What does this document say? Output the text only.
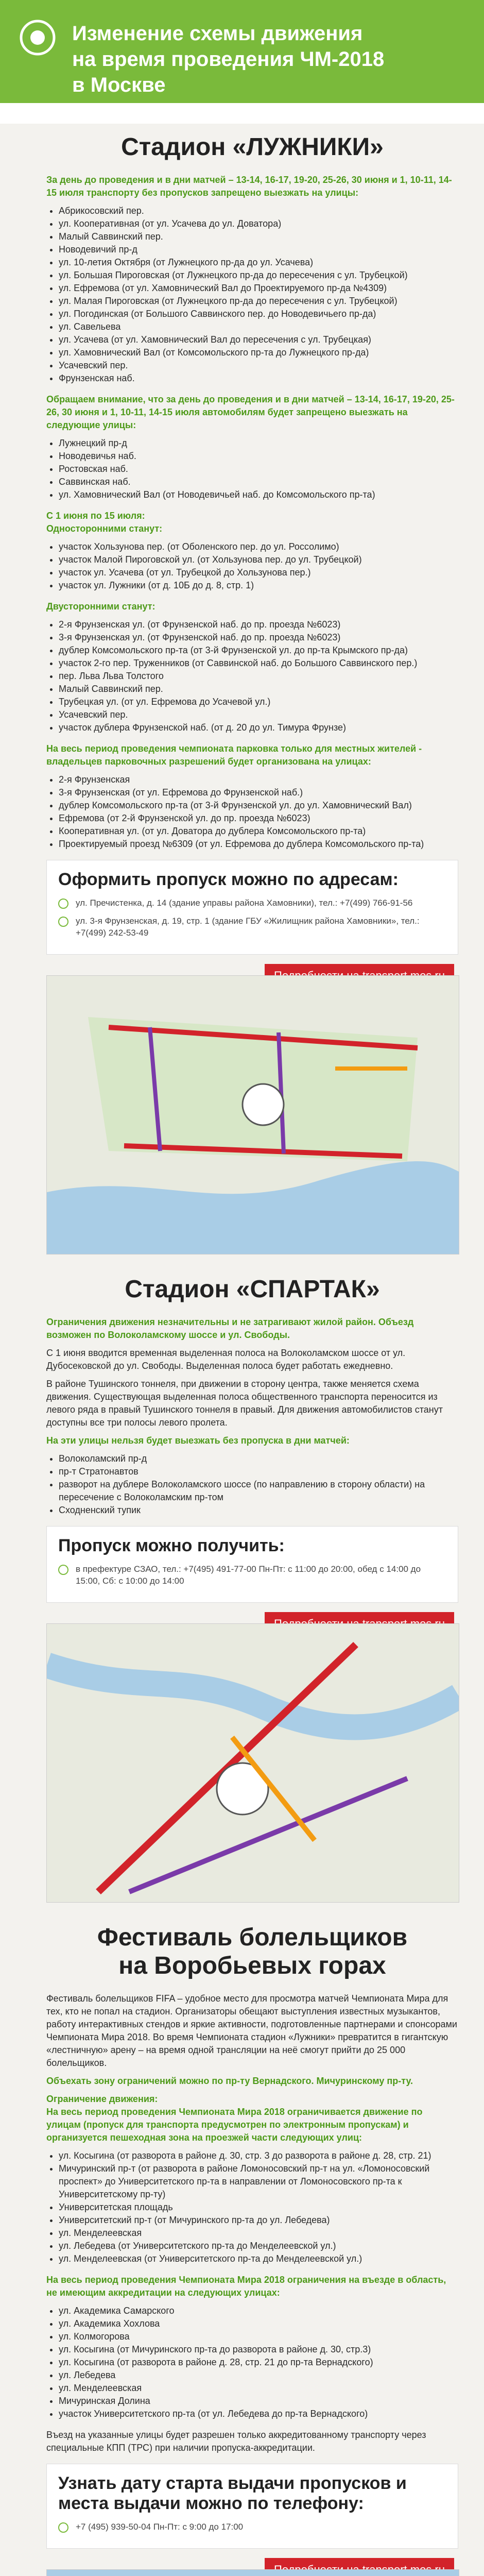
Изменение схемы движения
на время проведения ЧМ-2018
в Москве
Стадион «ЛУЖНИКИ»

За день до проведения и в дни матчей – 13-14, 16-17, 19-20, 25-26, 30 июня и 1, 10-11, 14-15 июля транспорту без пропусков запрещено выезжать на улицы:

• Абрикосовский пер.
• ул. Кооперативная (от ул. Усачева до ул. Доватора)
• Малый Саввинский пер.
• Новодевичий пр-д
• ул. 10-летия Октября (от Лужнецкого пр-да до ул. Усачева)
• ул. Большая Пироговская (от Лужнецкого пр-да до пересечения с ул. Трубецкой)
• ул. Ефремова (от ул. Хамовнический Вал до Проектируемого пр-да №4309)
• ул. Малая Пироговская (от Лужнецкого пр-да до пересечения с ул. Трубецкой)
• ул. Погодинская (от Большого Саввинского пер. до Новодевичьего пр-да)
• ул. Савельева
• ул. Усачева (от ул. Хамовнический Вал до пересечения с ул. Трубецкая)
• ул. Хамовнический Вал (от Комсомольского пр-та до Лужнецкого пр-да)
• Усачевский пер.
• Фрунзенская наб.

Обращаем внимание, что за день до проведения и в дни матчей – 13-14, 16-17, 19-20, 25-26, 30 июня и 1, 10-11, 14-15 июля автомобилям будет запрещено выезжать на следующие улицы:

• Лужнецкий пр-д
• Новодевичья наб.
• Ростовская наб.
• Саввинская наб.
• ул. Хамовнический Вал (от Новодевичьей наб. до Комсомольского пр-та)

С 1 июня по 15 июля:
Односторонними станут:

• участок Хользунова пер. (от Оболенского пер. до ул. Россолимо)
• участок Малой Пироговской ул. (от Хользунова пер. до ул. Трубецкой)
• участок ул. Усачева (от ул. Трубецкой до Хользунова пер.)
• участок ул. Лужники (от д. 10Б до д. 8, стр. 1)

Двусторонними станут:

• 2-я Фрунзенская ул. (от Фрунзенской наб. до пр. проезда №6023)
• 3-я Фрунзенская ул. (от Фрунзенской наб. до пр. проезда №6023)
• дублер Комсомольского пр-та (от 3-й Фрунзенской ул. до пр-та Крымского пр-да)
• участок 2-го пер. Труженников (от Саввинской наб. до Большого Саввинского пер.)
• пер. Льва Льва Толстого
• Малый Саввинский пер.
• Трубецкая ул. (от ул. Ефремова до Усачевой ул.)
• Усачевский пер.
• участок дублера Фрунзенской наб. (от д. 20 до ул. Тимура Фрунзе)

На весь период проведения чемпионата парковка только для местных жителей - владельцев парковочных разрешений будет организована на улицах:

• 2-я Фрунзенская
• 3-я Фрунзенская (от ул. Ефремова до Фрунзенской наб.)
• дублер Комсомольского пр-та (от 3-й Фрунзенской ул. до ул. Хамовнический Вал)
• Ефремова (от 2-й Фрунзенской ул. до пр. проезда №6023)
• Кооперативная ул. (от ул. Доватора до дублера Комсомольского пр-та)
• Проектируемый проезд №6309 (от ул. Ефремова до дублера Комсомольского пр-та)
Оформить пропуск можно по адресам:
ул. Пречистенка, д. 14 (здание управы района Хамовники), тел.: +7(499) 766-91-56
ул. 3-я Фрунзенская, д. 19, стр. 1 (здание ГБУ «Жилищник района Хамовники», тел.: +7(499) 242-53-49
Стадион «СПАРТАК»

Ограничения движения незначительны и не затрагивают жилой район. Объезд возможен по Волоколамскому шоссе и ул. Свободы.

С 1 июня вводится временная выделенная полоса на Волоколамском шоссе от ул. Дубосековской до ул. Свободы. Выделенная полоса будет работать ежедневно.

В районе Тушинского тоннеля, при движении в сторону центра, также меняется схема движения. Существующая выделенная полоса общественного транспорта переносится из левого ряда в правый Тушинского тоннеля в правый. Для движения автомобилистов станут доступны все три полосы левого пролета.

На эти улицы нельзя будет выезжать без пропуска в дни матчей:

• Волоколамский пр-д
• пр-т Стратонавтов
• разворот на дублере Волоколамского шоссе (по направлению в сторону области) на пересечение с Волоколамским пр-том
• Сходненский тупик
Пропуск можно получить:
в префектуре СЗАО, тел.: +7(495) 491-77-00 Пн-Пт: с 11:00 до 20:00, обед с 14:00 до 15:00, Сб: с 10:00 до 14:00
Фестиваль болельщиков
на Воробьевых горах

Фестиваль болельщиков FIFA – удобное место для просмотра матчей Чемпионата Мира для тех, кто не попал на стадион. Организаторы обещают выступления известных музыкантов, работу интерактивных стендов и яркие активности, подготовленные партнерами и спонсорами Чемпионата Мира 2018. Во время Чемпионата стадион «Лужники» превратится в гигантскую «лестничную» арену – на время одной трансляции на неё смогут прийти до 25 000 болельщиков.

Объехать зону ограничений можно по пр-ту Вернадского. Мичуринскому пр-ту.

Ограничение движения:
На весь период проведения Чемпионата Мира 2018 ограничивается движение по улицам (пропуск для транспорта предусмотрен по электронным пропускам) и организуется пешеходная зона на проезжей части следующих улиц:

• ул. Косыгина (от разворота в районе д. 30, стр. 3 до разворота в районе д. 28, стр. 21)
• Мичуринский пр-т (от разворота в районе Ломоносовский пр-т на ул. «Ломоносовский проспект» до Университетского пр-та в направлении от Ломоносовского пр-та к Университетскому пр-ту)
• Университетская площадь
• Университетский пр-т (от Мичуринского пр-та до ул. Лебедева)
• ул. Менделеевская
• ул. Лебедева (от Университетского пр-та до Менделеевской ул.)
• ул. Менделеевская (от Университетского пр-та до Менделеевской ул.)

На весь период проведения Чемпионата Мира 2018 ограничения на въезде в область, не имеющим аккредитации на следующих улицах:

• ул. Академика Самарского
• ул. Академика Хохлова
• ул. Колмогорова
• ул. Косыгина (от Мичуринского пр-та до разворота в районе д. 30, стр.3)
• ул. Косыгина (от разворота в районе д. 28, стр. 21 до пр-та Вернадского)
• ул. Лебедева
• ул. Менделеевская
• Мичуринская Долина
• участок Университетского пр-та (от ул. Лебедева до пр-та Вернадского)

Въезд на указанные улицы будет разрешен только аккредитованному транспорту через специальные КПП (ТРС) при наличии пропуска-аккредитации.

Узнать дату старта выдачи пропусков и места выдачи можно по телефону:
+7 (495) 939-50-04 Пн-Пт: с 9:00 до 17:00
